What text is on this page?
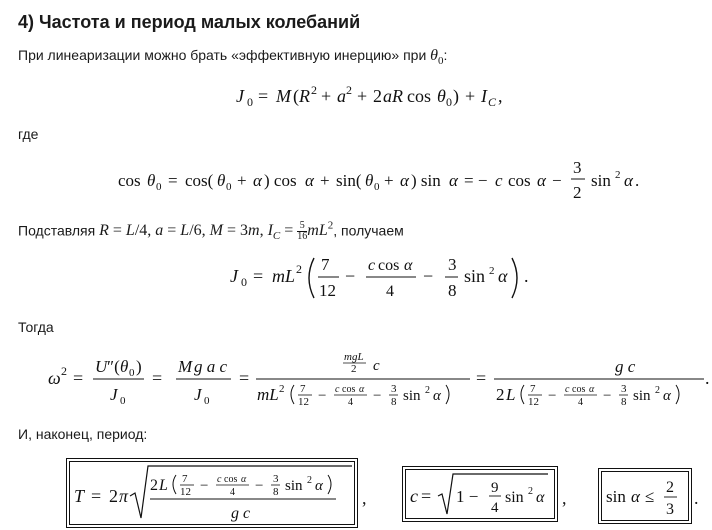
4) Частота и период малых колебаний

При линеаризации можно брать «эффективную инерцию» при $\theta_0$:

J 0 = M ( R 2 + a 2 + 2 aR cos θ 0 ) + I C ,

где

cos θ 0 = cos( θ 0 + α ) cos α + sin( θ 0 + α ) sin α = − c cos α −
3
2
sin 2 α .

Подставляя R = L/4, a = L/6, M = 3m, $I_C = \frac{5}{16} mL^2$, получаем

J 0 = mL 2 7
12
−
c cos α
4
−
3
8
sin 2 α .

Тогда

ω 2 =
U ″( θ 0 )
J 0
=
M g a c
J 0
=
mgL
2 c
mL 2 7
12 − c cos α
4 − 3
8 sin 2 α
=
g c
2 L 7
12 − c cos α
4 − 3
8 sin 2 α
.

И, наконец, период:

T = 2 π
2 L 7
12 − c cos α
4 − 3
8 sin 2 α
g c
, c = 1 − 9
4
sin 2 α , sin α ≤ 2
3
.
